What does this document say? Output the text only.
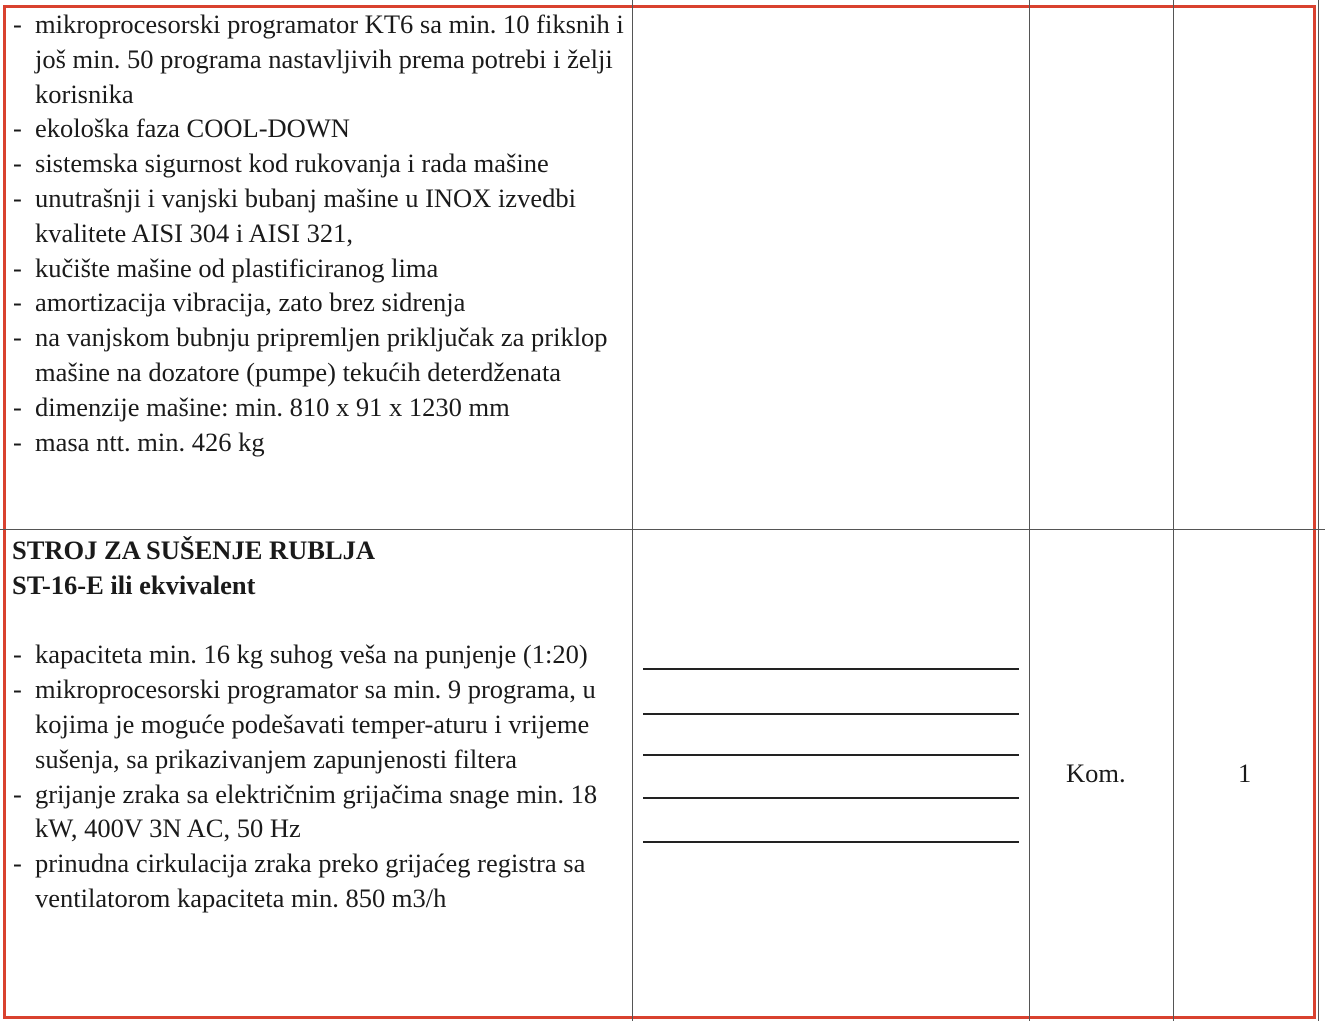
- mikroprocesorski programator KT6 sa min. 10 fiksnih i još min. 50 programa nastavljivih prema potrebi i želji korisnika
- ekološka faza COOL-DOWN
- sistemska sigurnost kod rukovanja i rada mašine
- unutrašnji i vanjski bubanj mašine u INOX izvedbi kvalitete AISI 304 i AISI 321,
- kučište mašine od plastificiranog lima
- amortizacija vibracija, zato brez sidrenja
- na vanjskom bubnju pripremljen priključak za priklop mašine na dozatore (pumpe) tekućih deterdženata
- dimenzije mašine: min. 810 x 91 x 1230 mm
- masa ntt. min. 426 kg
STROJ ZA SUŠENJE RUBLJA
ST-16-E ili ekvivalent
- kapaciteta min. 16 kg suhog veša na punjenje (1:20)
- mikroprocesorski programator sa min. 9 programa, u kojima je moguće podešavati temper-aturu i vrijeme sušenja, sa prikazivanjem zapunjenosti filtera
- grijanje zraka sa električnim grijačima snage min. 18 kW, 400V 3N AC, 50 Hz
- prinudna cirkulacija zraka preko grijaćeg registra sa ventilatorom kapaciteta min. 850 m3/h
Kom.	1
